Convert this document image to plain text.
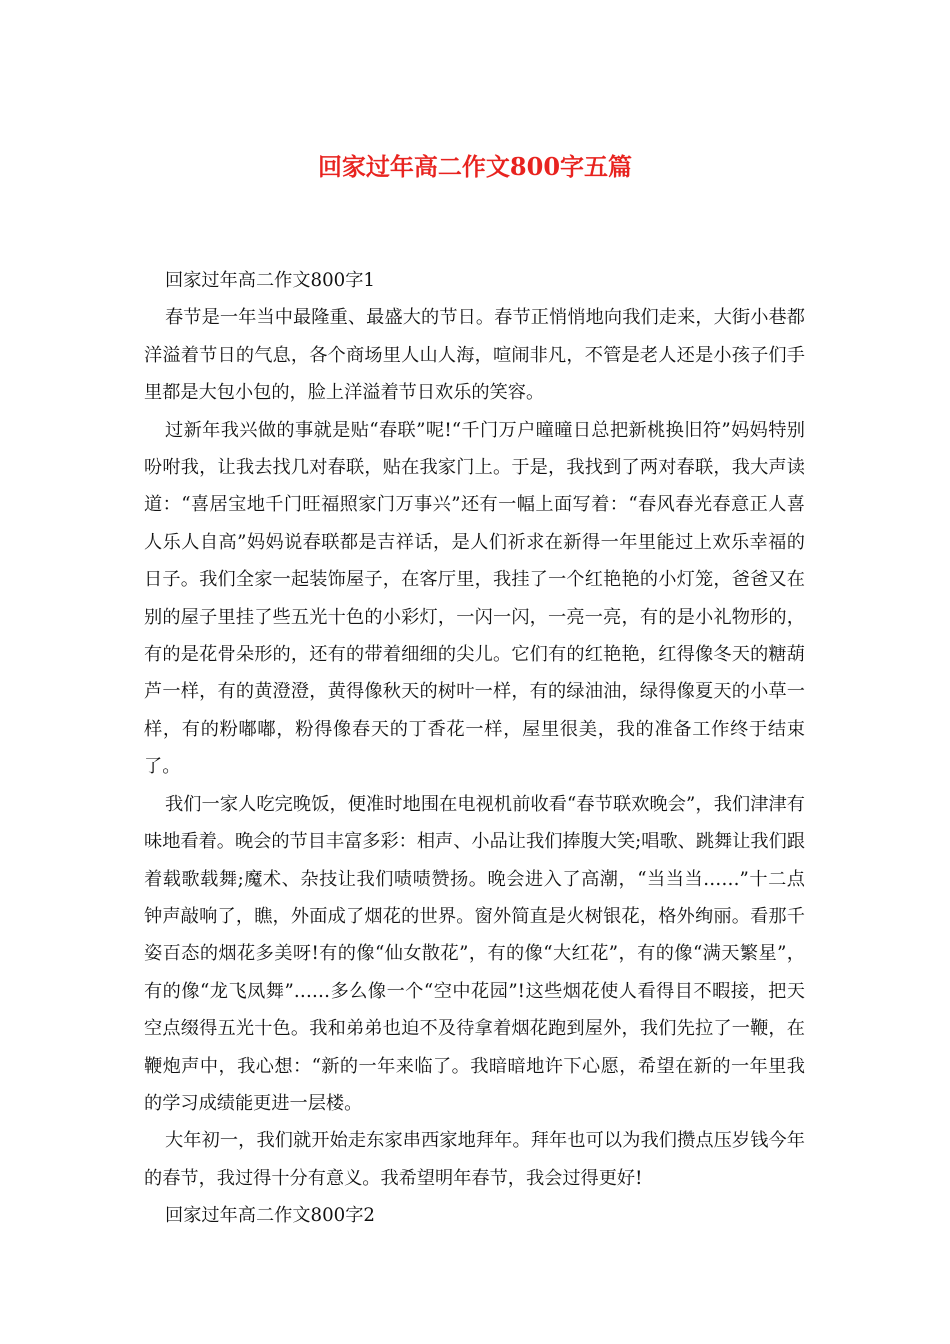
回家过年高二作文800字五篇

回家过年高二作文800字1

春节是一年当中最隆重、最盛大的节日。春节正悄悄地向我们走来，大街小巷都洋溢着节日的气息，各个商场里人山人海，喧闹非凡，不管是老人还是小孩子们手里都是大包小包的，脸上洋溢着节日欢乐的笑容。

过新年我兴做的事就是贴“春联”呢!“千门万户曈曈日总把新桃换旧符”妈妈特别吩咐我，让我去找几对春联，贴在我家门上。于是，我找到了两对春联，我大声读道：“喜居宝地千门旺福照家门万事兴”还有一幅上面写着：“春风春光春意正人喜人乐人自高”妈妈说春联都是吉祥话，是人们祈求在新得一年里能过上欢乐幸福的日子。我们全家一起装饰屋子，在客厅里，我挂了一个红艳艳的小灯笼，爸爸又在别的屋子里挂了些五光十色的小彩灯，一闪一闪，一亮一亮，有的是小礼物形的，有的是花骨朵形的，还有的带着细细的尖儿。它们有的红艳艳，红得像冬天的糖葫芦一样，有的黄澄澄，黄得像秋天的树叶一样，有的绿油油，绿得像夏天的小草一样，有的粉嘟嘟，粉得像春天的丁香花一样，屋里很美，我的准备工作终于结束了。

我们一家人吃完晚饭，便准时地围在电视机前收看“春节联欢晚会”，我们津津有味地看着。晚会的节目丰富多彩：相声、小品让我们捧腹大笑;唱歌、跳舞让我们跟着载歌载舞;魔术、杂技让我们啧啧赞扬。晚会进入了高潮，“当当当……”十二点钟声敲响了，瞧，外面成了烟花的世界。窗外简直是火树银花，格外绚丽。看那千姿百态的烟花多美呀!有的像“仙女散花”，有的像“大红花”，有的像“满天繁星”，有的像“龙飞凤舞”……多么像一个“空中花园”!这些烟花使人看得目不暇接，把天空点缀得五光十色。我和弟弟也迫不及待拿着烟花跑到屋外，我们先拉了一鞭，在鞭炮声中，我心想：“新的一年来临了。我暗暗地许下心愿，希望在新的一年里我的学习成绩能更进一层楼。

大年初一，我们就开始走东家串西家地拜年。拜年也可以为我们攒点压岁钱今年的春节，我过得十分有意义。我希望明年春节，我会过得更好!

回家过年高二作文800字2
